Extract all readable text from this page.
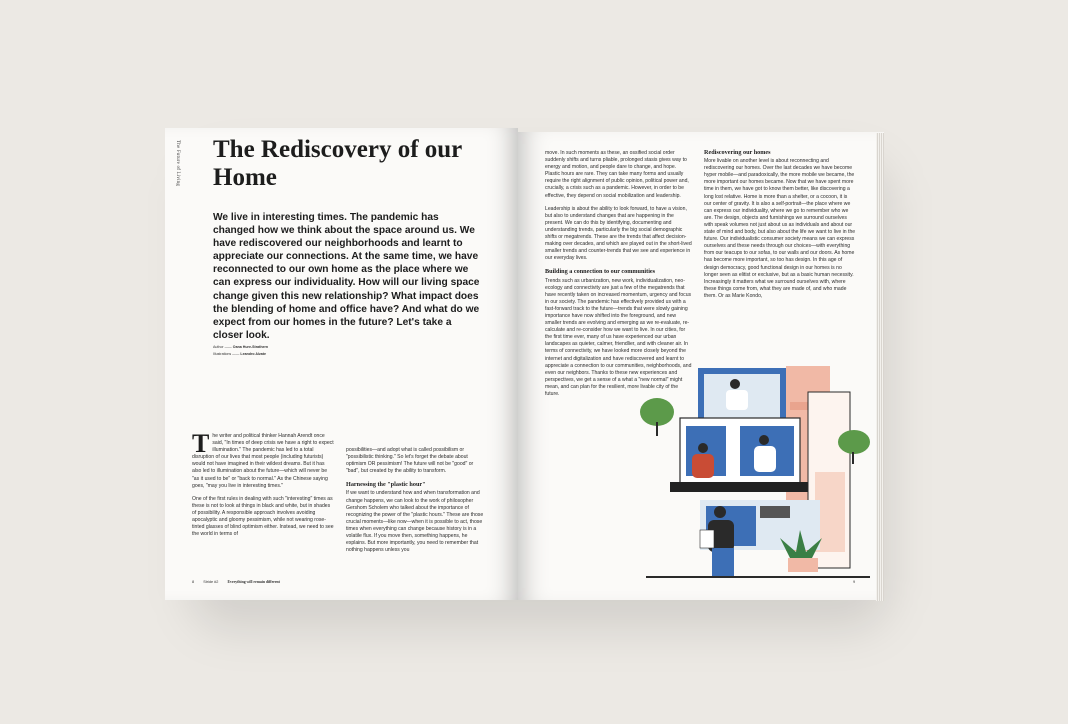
The Future of Living The Rediscovery of our Home

We live in interesting times. The pandemic has changed how we think about the space around us. We have rediscovered our neighborhoods and learnt to appreciate our connections. At the same time, we have reconnected to our own home as the place where we can express our individuality. How will our living space change given this new relationship? What impact does the blending of home and office have? And what do we expect from our homes in the future? Let's take a closer look.

Author —— Oana Hure-Strathern
Illustrations —— Leandro Alzate

The writer and political thinker Hannah Arendt once said, "In times of deep crisis we have a right to expect illumination." The pandemic has led to a total disruption of our lives that most people (including futurists) would not have imagined in their wildest dreams. But it has also led to illumination about the future—which will never be "as it used to be" or "back to normal." As the Chinese saying goes, "may you live in interesting times."

One of the first rules in dealing with such "interesting" times as these is not to look at things in black and white, but in shades of possibility. A responsible approach involves avoiding apocalyptic and gloomy pessimism, while not wearing rose-tinted glasses of blind optimism either. Instead, we need to see the world in terms of

possibilities—and adopt what is called possibilism or "possibilistic thinking." So let's forget the debate about optimism OR pessimism! The future will not be "good" or "bad", but created by the ability to transform.

Harnessing the "plastic hour"

If we want to understand how and when transformation and change happens, we can look to the work of philosopher Gershom Scholem who talked about the importance of recognizing the power of the "plastic hours." These are those crucial moments—like now—when it is possible to act, those times when everything can change because history is in a volatile flux. If you move then, something happens, he explains. But more importantly, you need to remember that nothing happens unless you

8 Stride #2 Everything will remain different

move. In such moments as these, an ossified social order suddenly shifts and turns pliable, prolonged stasis gives way to energy and motion, and people dare to change, and hope. Plastic hours are rare. They can take many forms and usually require the right alignment of public opinion, political power and, crucially, a crisis such as a pandemic. However, in order to be effective, they depend on social mobilization and leadership.

Leadership is about the ability to look forward, to have a vision, but also to understand changes that are happening in the present. We can do this by identifying, documenting and understanding trends, particularly the big social demographic shifts or megatrends. These are the trends that affect decision-making over decades, and which are played out in the short-lived smaller trends and counter-trends that we see and experience in our everyday lives.

Building a connection to our communities

Trends such as urbanization, new work, individualization, neo-ecology and connectivity are just a few of the megatrends that have recently taken on increased momentum, urgency and focus in our society. The pandemic has effectively provided us with a fast-forward track to the future—trends that were slowly gaining importance have now shifted into the foreground, and new smaller trends are evolving and emerging as we re-evaluate, re-calculate and re-consider how we want to live. In our cities, for the first time ever, many of us have experienced our urban landscapes as quieter, calmer, friendlier, and with cleaner air. In terms of connectivity, we have looked more closely beyond the internet and digitalization and have rediscovered and learnt to appreciate a connection to our communities, neighborhoods, and even our neighbors. Thanks to these new experiences and perspectives, we get a sense of a what a "new normal" might mean, and can plan for the resilient, more livable city of the future.

Rediscovering our homes

More livable on another level is about reconnecting and rediscovering our homes. Over the last decades we have become hyper mobile—and paradoxically, the more mobile we became, the more important our homes became. Now that we have spent more time in them, we have got to know them better, like discovering a long lost relative. Home is more than a shelter, or a cocoon, it is our center of gravity. It is also a self-portrait—the place where we can express our individuality, where we go to remember who we are. The design, objects and furnishings we surround ourselves with speak volumes not just about us as individuals and about our state of mind and body, but also about the life we want to live in the future. Our individualistic consumer society means we can express ourselves and these needs through our choices—with everything from our teacups to our sofas, to our walls and our doors. As home has become more important, so too has design. In this age of design democracy, good functional design in our homes is no longer seen as elitist or exclusive, but as a basic human necessity. Increasingly it matters what we surround ourselves with, where these things come from, what they are made of, and who made them. Or as Marie Kondo,

9
